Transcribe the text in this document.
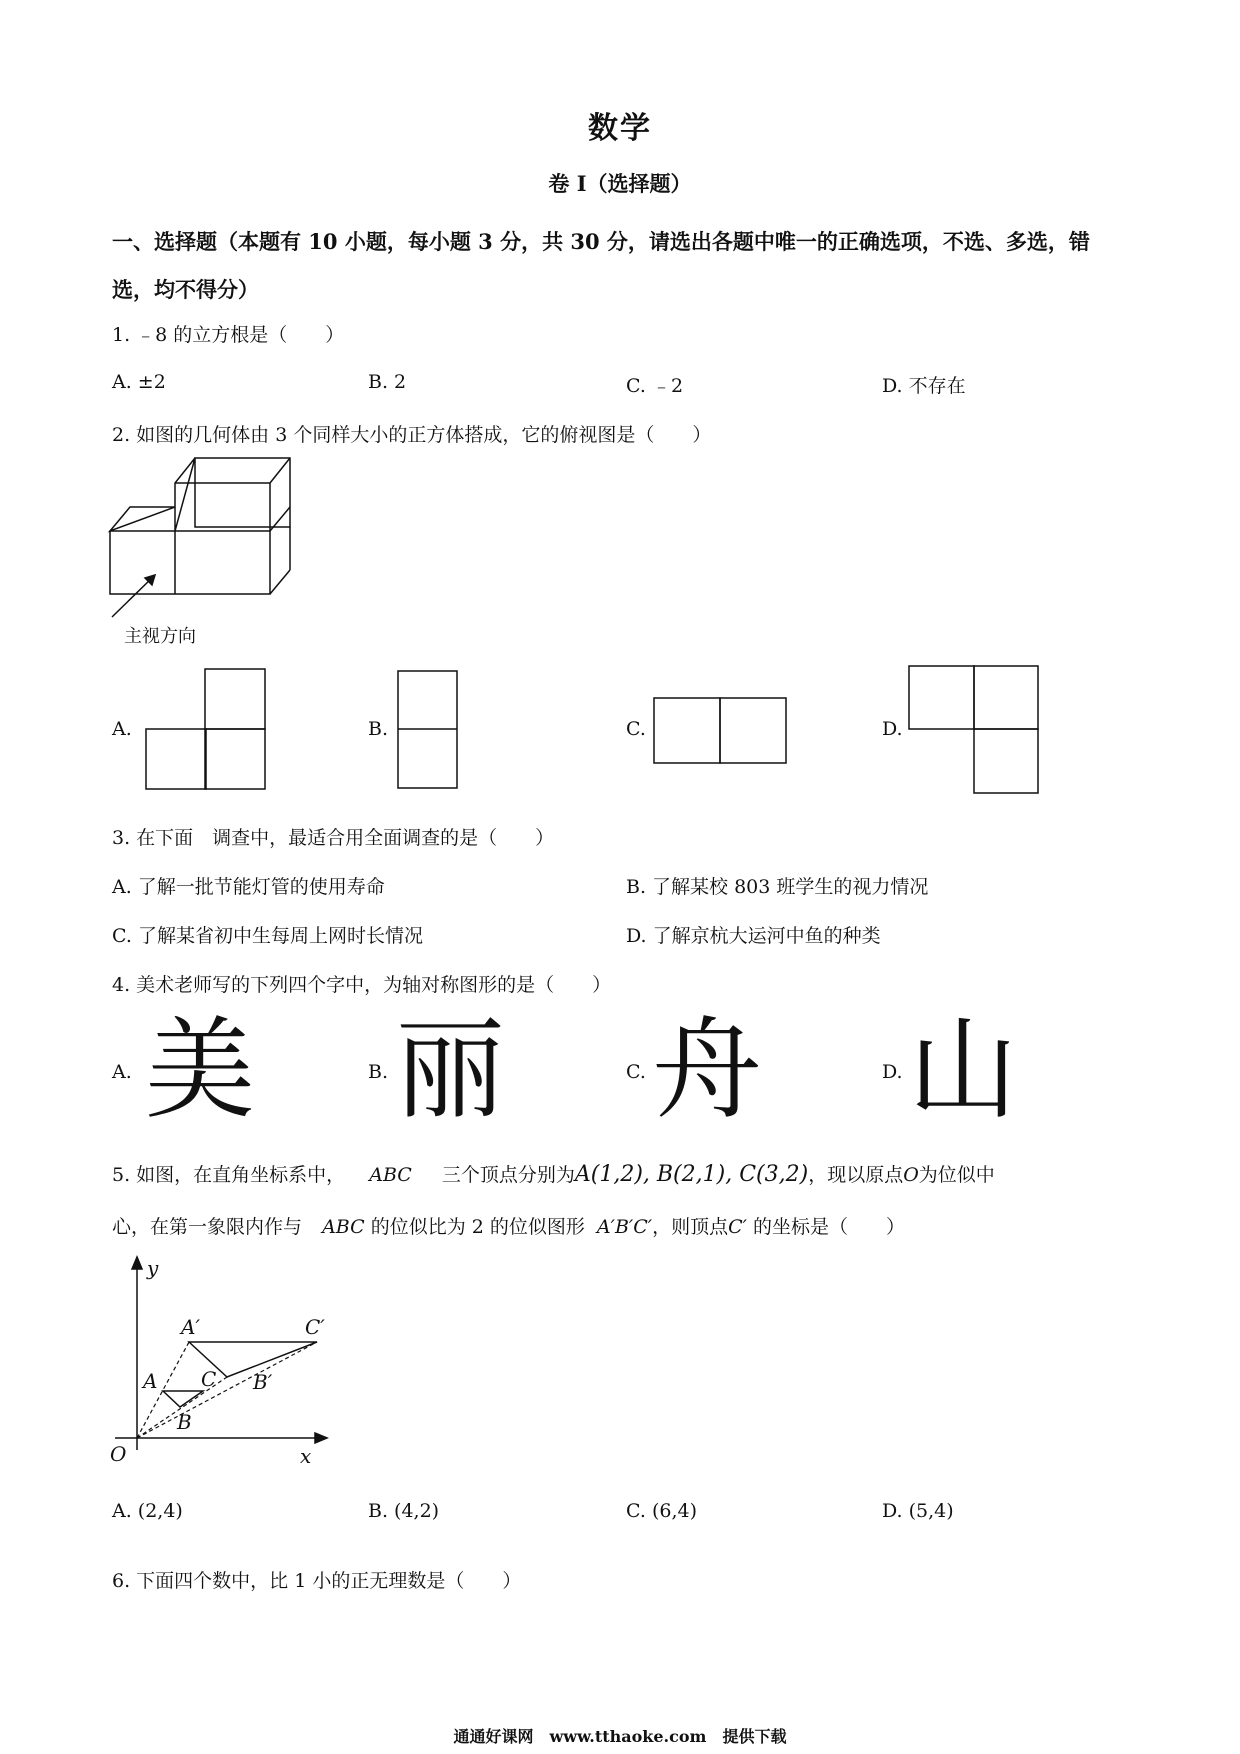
数学
卷 I（选择题）
一、选择题（本题有 10 小题，每小题 3 分，共 30 分，请选出各题中唯一的正确选项，不选、多选，错选，均不得分）
1. ﹣8 的立方根是（　　）
A. ±2	B. 2	C. ﹣2	D. 不存在
2. 如图的几何体由 3 个同样大小的正方体搭成，它的俯视图是（　　）
主视方向
A.	B.	C.	D.
3. 在下面　调查中，最适合用全面调查的是（　　）
A. 了解一批节能灯管的使用寿命	B. 了解某校 803 班学生的视力情况
C. 了解某省初中生每周上网时长情况	D. 了解京杭大运河中鱼的种类
4. 美术老师写的下列四个字中，为轴对称图形的是（　　）
A. 美	B. 丽	C. 舟	D. 山
5. 如图，在直角坐标系中， ABC 三个顶点分别为A(1,2), B(2,1), C(3,2)，现以原点O为位似中
心，在第一象限内作与 ABC 的位似比为 2 的位似图形 A′B′C′，则顶点C′ 的坐标是（　　）
y
x
O
A
B
C
A′
B′
C′
A. (2,4)	B. (4,2)	C. (6,4)	D. (5,4)
6. 下面四个数中，比 1 小的正无理数是（　　）
通通好课网　www.tthaoke.com　提供下载
